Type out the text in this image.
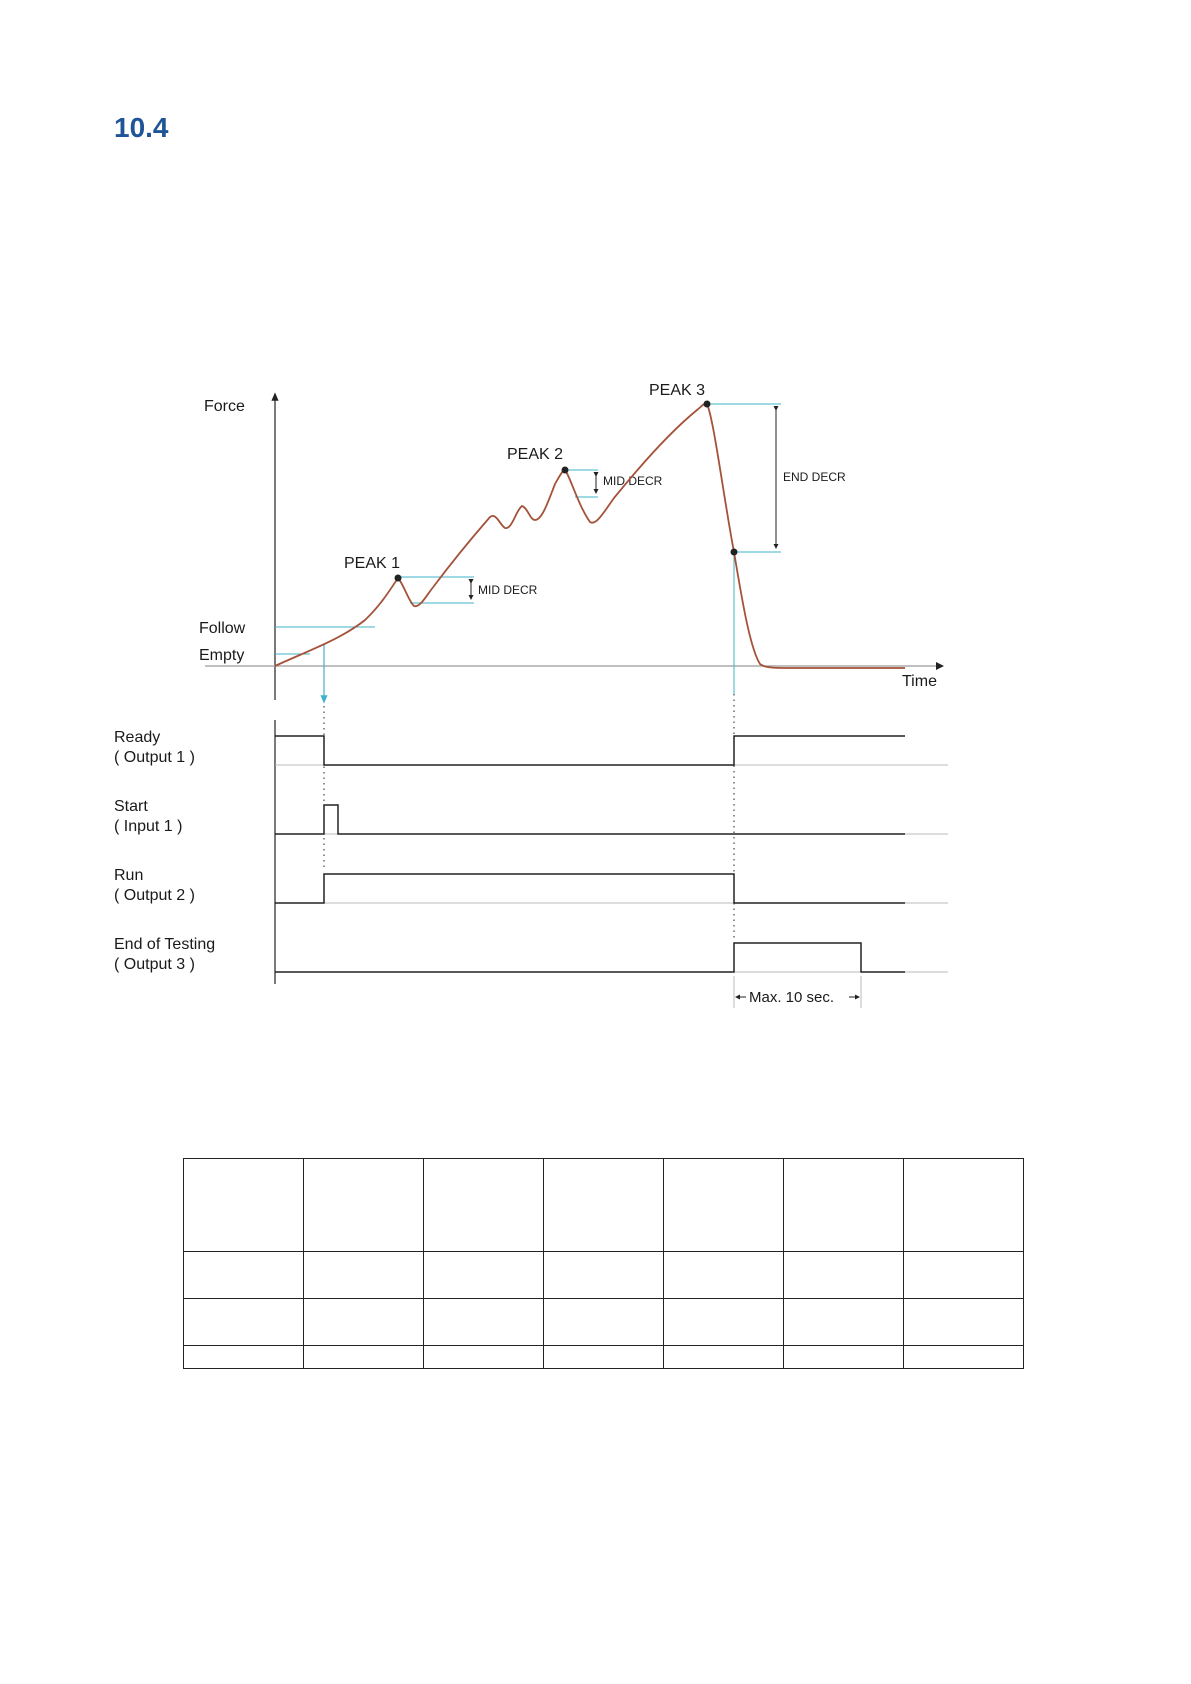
10.4
Force
Time
Follow
Empty
MID DECR
MID DECR	END DECR
PEAK 1
PEAK 2
PEAK 3
Ready
( Output 1 )
Start
( Input 1 )
Run
( Output 2 )
End of Testing
( Output 3 )
Max. 10 sec.
